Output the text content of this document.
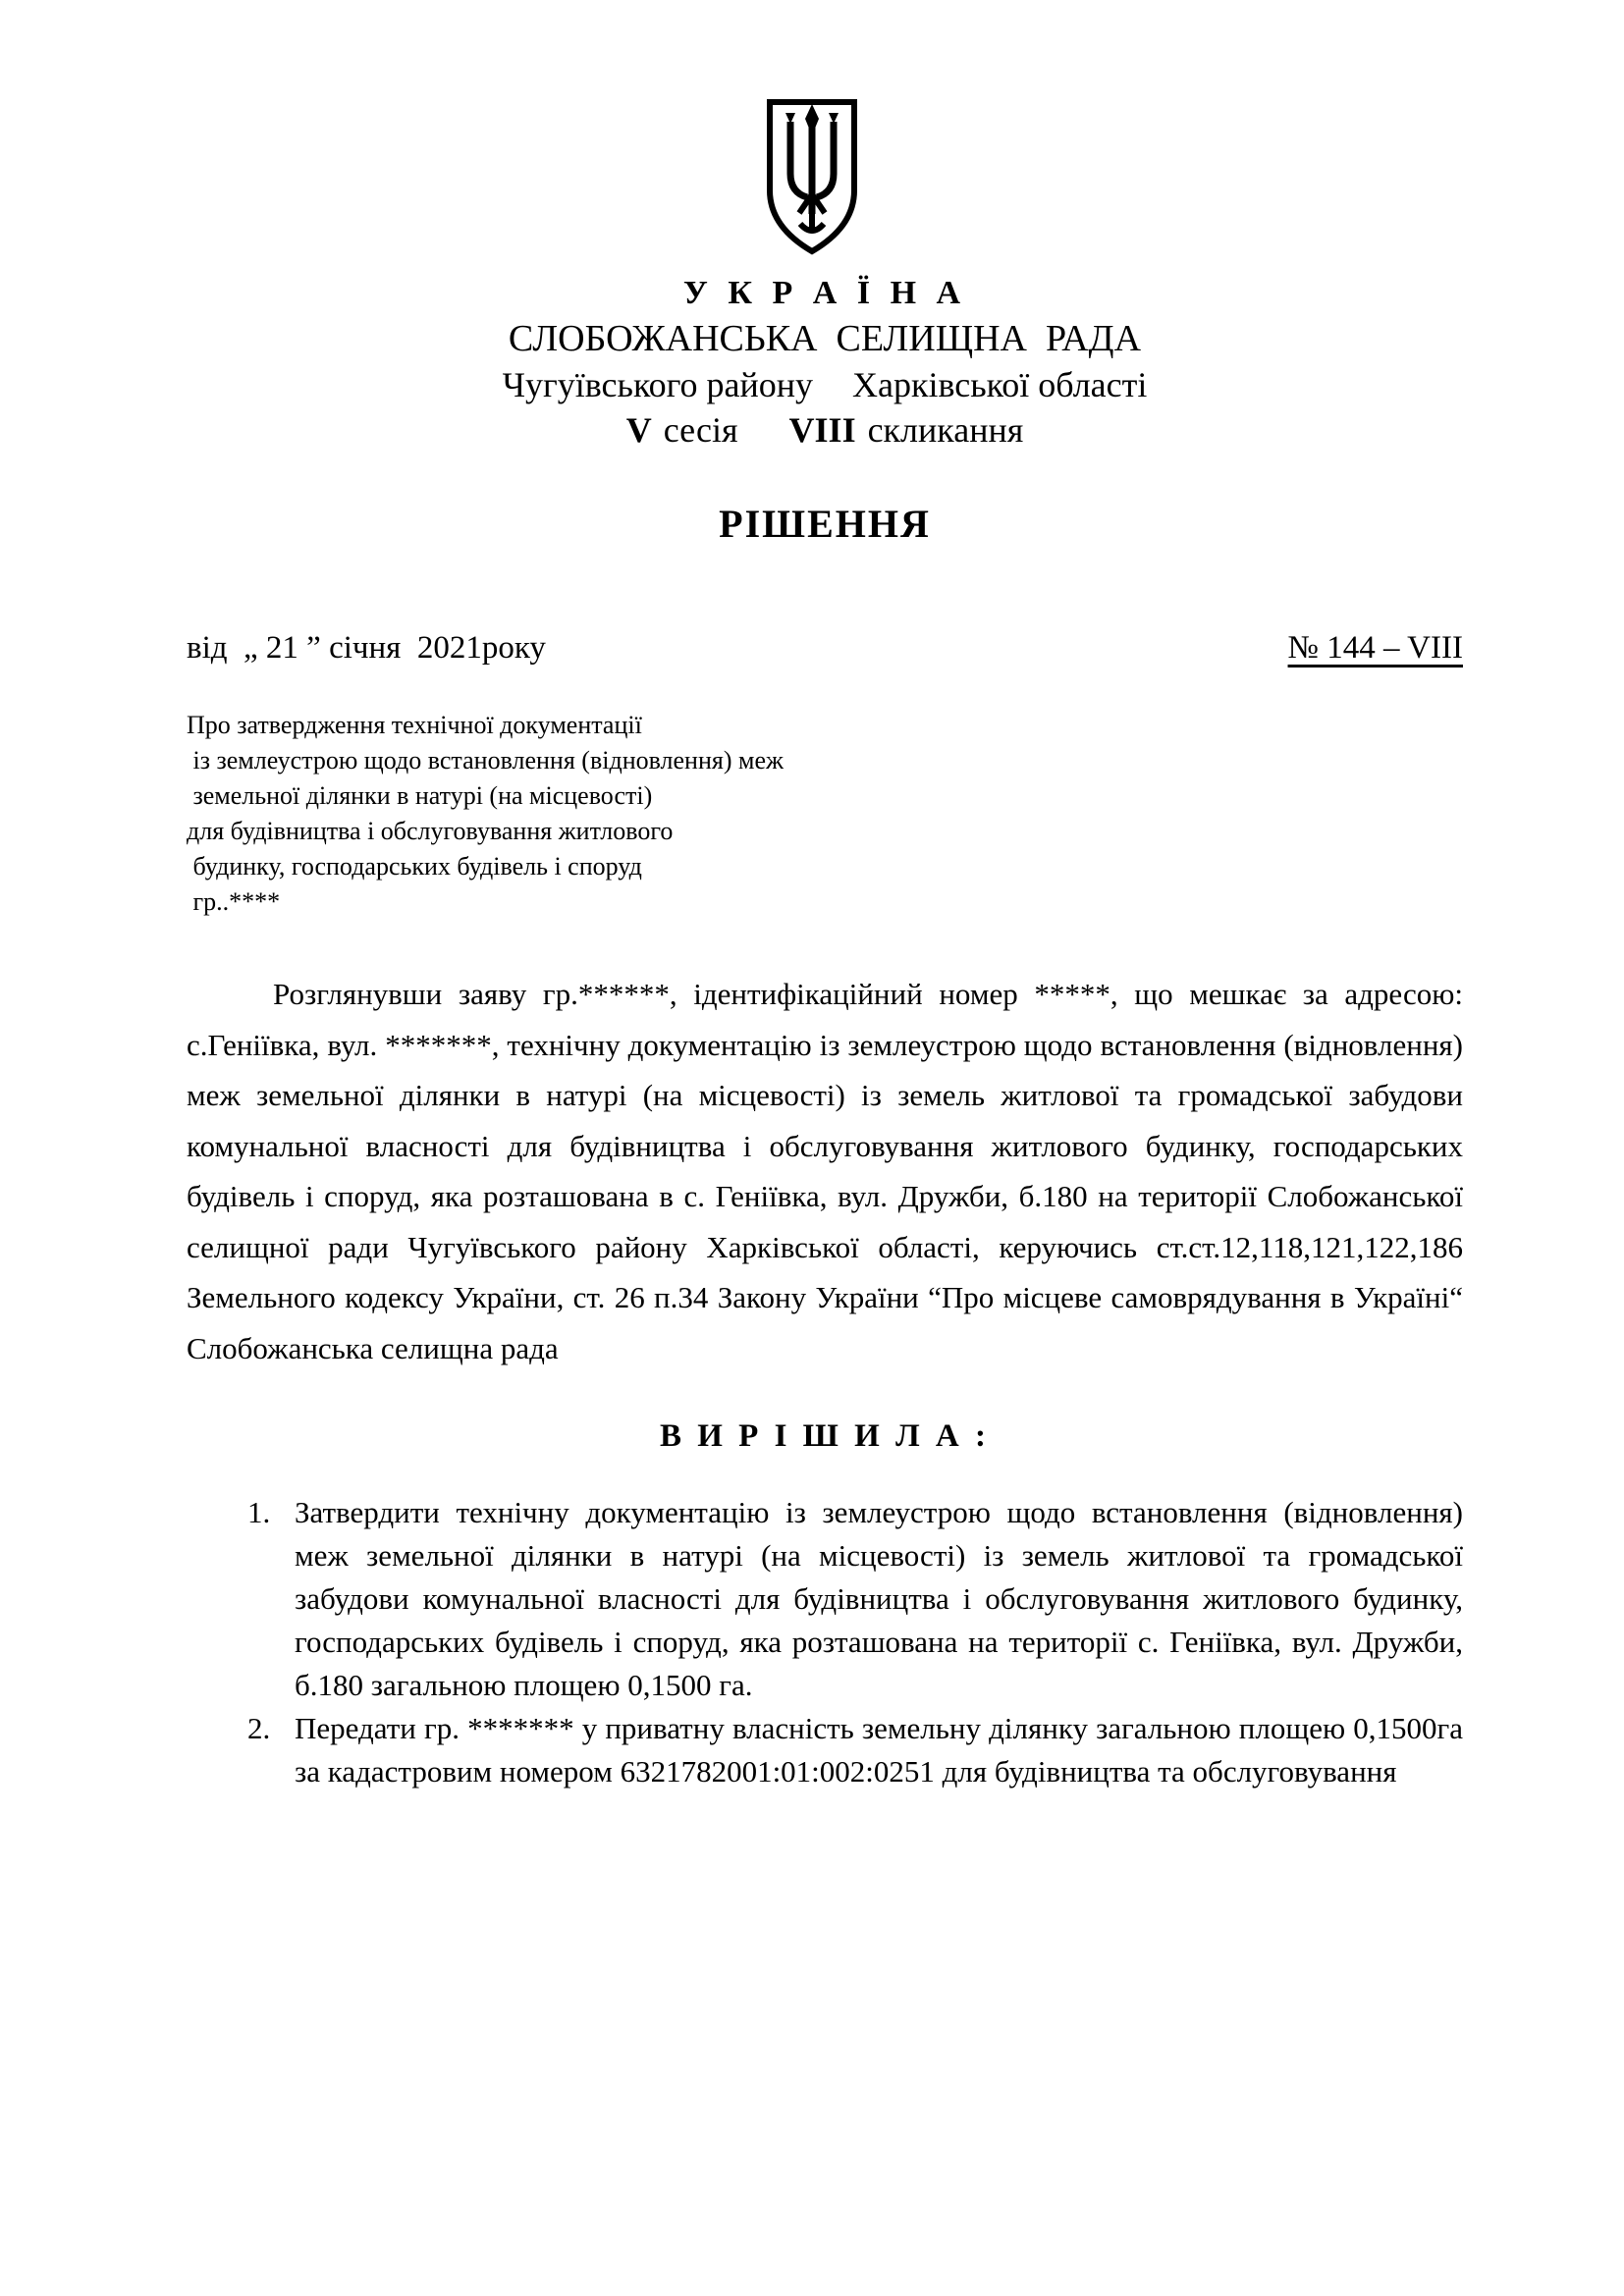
У К Р А Ї Н А
СЛОБОЖАНСЬКА  СЕЛИЩНА  РАДА
Чугуївського району Харківської області
V сесія VIII скликання
РІШЕННЯ
від  „ 21 ” січня  2021року	№ 144 – VIII
Про затвердження технічної документації
із землеустрою щодо встановлення (відновлення) меж
земельної ділянки в натурі (на місцевості)
для будівництва і обслуговування житлового
будинку, господарських будівель і споруд
гр..****
Розглянувши заяву гр.******, ідентифікаційний номер *****, що мешкає за адресою: с.Геніївка, вул. *******, технічну документацію із землеустрою щодо встановлення (відновлення) меж земельної ділянки в натурі (на місцевості) із земель житлової та громадської забудови комунальної власності для будівництва і обслуговування житлового будинку, господарських будівель і споруд, яка розташована в с. Геніївка, вул. Дружби, б.180 на території Слобожанської селищної ради Чугуївського району Харківської області, керуючись ст.ст.12,118,121,122,186 Земельного кодексу України, ст. 26 п.34 Закону України “Про місцеве самоврядування в Україні“ Слобожанська селищна рада
В И Р І Ш И Л А :
1. Затвердити технічну документацію із землеустрою щодо встановлення (відновлення) меж земельної ділянки в натурі (на місцевості) із земель житлової та громадської забудови комунальної власності для будівництва і обслуговування житлового будинку, господарських будівель і споруд, яка розташована на території с. Геніївка, вул. Дружби, б.180 загальною площею 0,1500 га.
2. Передати гр. ******* у приватну власність земельну ділянку загальною площею 0,1500га за кадастровим номером 6321782001:01:002:0251 для будівництва та обслуговування
